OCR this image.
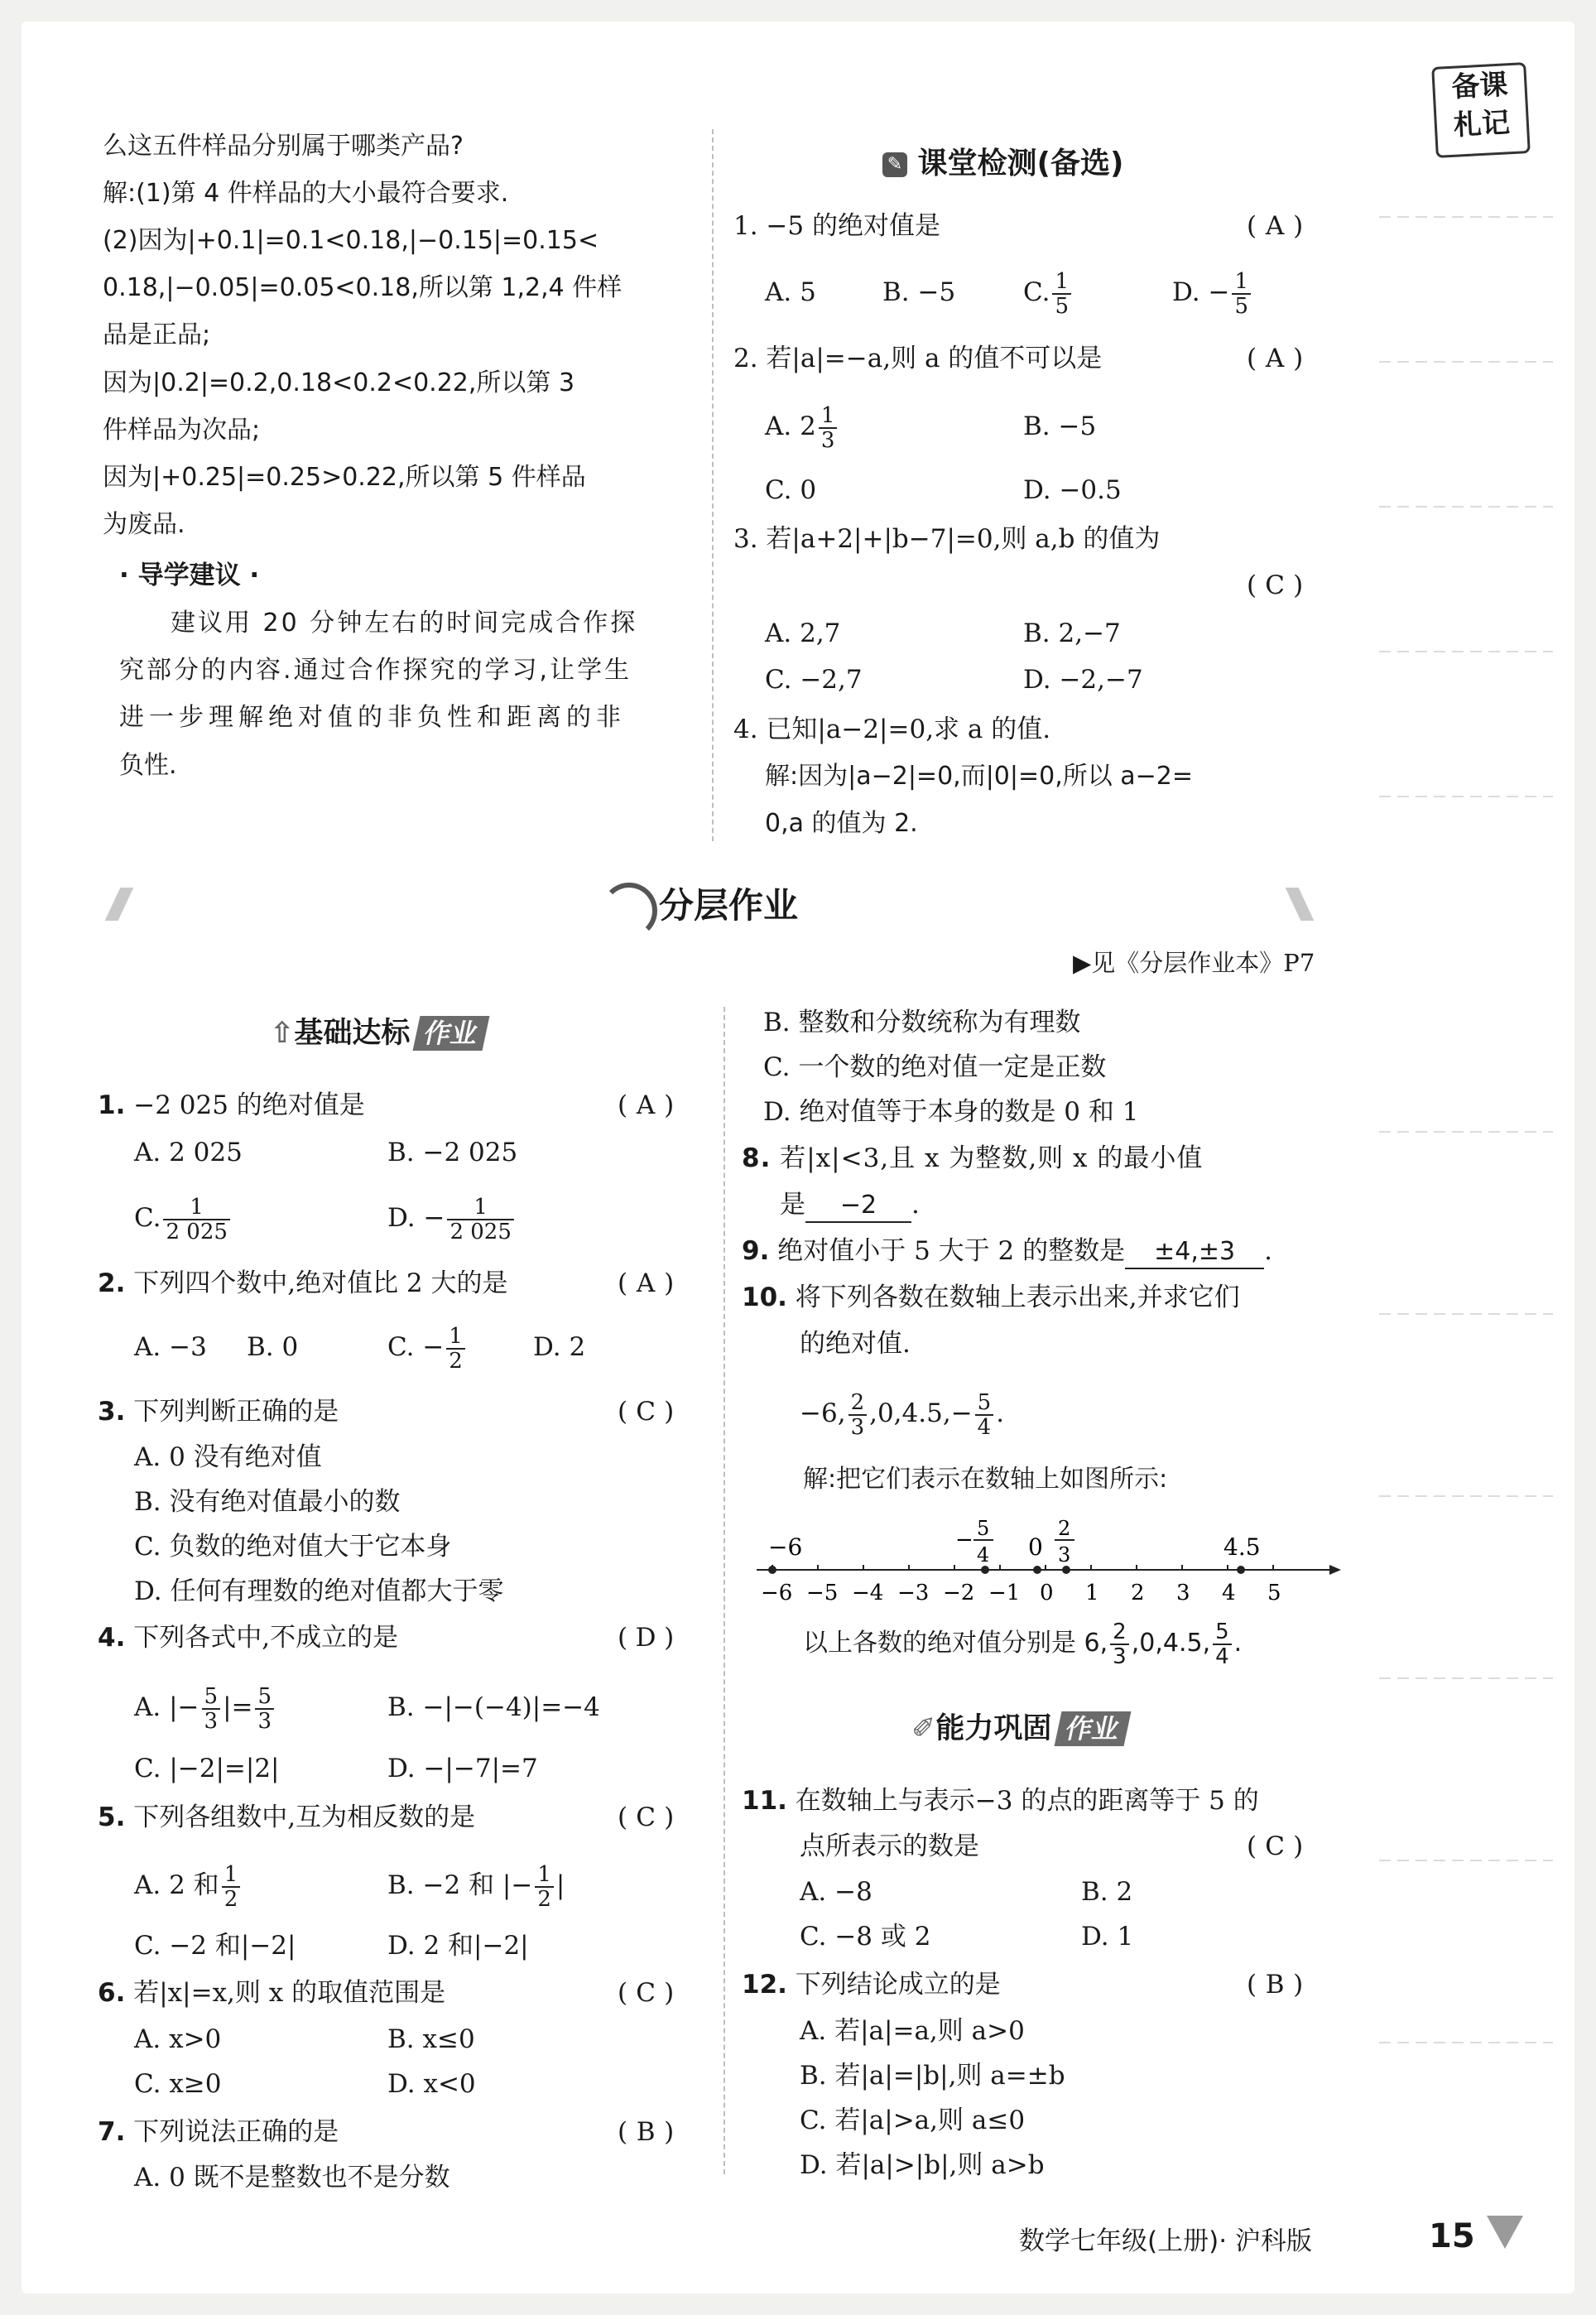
备课
札记
么这五件样品分别属于哪类产品?
解:(1)第 4 件样品的大小最符合要求.
(2)因为|+0.1|=0.1<0.18,|−0.15|=0.15<
0.18,|−0.05|=0.05<0.18,所以第 1,2,4 件样
品是正品;
因为|0.2|=0.2,0.18<0.2<0.22,所以第 3
件样品为次品;
因为|+0.25|=0.25>0.22,所以第 5 件样品
为废品.
· 导学建议 ·
建议用 20 分钟左右的时间完成合作探
究部分的内容.通过合作探究的学习,让学生
进一步理解绝对值的非负性和距离的非
负性.
✎ 课堂检测(备选)
1. −5 的绝对值是	( A )
A. 5	B. −5	C. $\frac{1}{5}$	D. − $\frac{1}{5}$
2. 若|a|=−a,则 a 的值不可以是	( A )
A. $2 \frac{1}{3}$	B. −5
C. 0	D. −0.5
3. 若|a+2|+|b−7|=0,则 a,b 的值为
( C )
A. 2,7	B. 2,−7
C. −2,7	D. −2,−7
4. 已知|a−2|=0,求 a 的值.
解:因为|a−2|=0,而|0|=0,所以 a−2=
0,a 的值为 2.
分层作业
▶见《分层作业本》P7
⇧基础达标 作业
1. −2 025 的绝对值是	( A )
A. 2 025	B. −2 025
C. $\frac{1}{2 025}$	D. − $\frac{1}{2 025}$
2. 下列四个数中,绝对值比 2 大的是	( A )
A. −3 B. 0	C. − $\frac{1}{2}$	D. 2
3. 下列判断正确的是	( C )
A. 0 没有绝对值
B. 没有绝对值最小的数
C. 负数的绝对值大于它本身
D. 任何有理数的绝对值都大于零
4. 下列各式中,不成立的是	( D )
A. |− $\frac{5}{3}$ |= $\frac{5}{3}$	B. −|−(−4)|=−4
C. |−2|=|2|	D. −|−7|=7
5. 下列各组数中,互为相反数的是	( C )
A. 2 和 $\frac{1}{2}$	B. −2 和 |− $\frac{1}{2}$ |
C. −2 和|−2|	D. 2 和|−2|
6. 若|x|=x,则 x 的取值范围是	( C )
A. x>0	B. x≤0
C. x≥0	D. x<0
7. 下列说法正确的是	( B )
A. 0 既不是整数也不是分数
B. 整数和分数统称为有理数
C. 一个数的绝对值一定是正数
D. 绝对值等于本身的数是 0 和 1
8. 若|x|<3,且 x 为整数,则 x 的最小值
是 −2 .
9. 绝对值小于 5 大于 2 的整数是 ±4,±3 .
10. 将下列各数在数轴上表示出来,并求它们
的绝对值.
−6, $\frac{2}{3} ,0,4.5,- \frac{5}{4}$ .
解:把它们表示在数轴上如图所示:
−6 −5 −4 −3 −2 −1 0 1 2 3 4 5
−6	− 5
4 0
2
3	4.5
以上各数的绝对值分别是 6, $\frac{2}{3} ,0,4.5$, $\frac{5}{4}$ .
✐能力巩固 作业
11. 在数轴上与表示−3 的点的距离等于 5 的
点所表示的数是	( C )
A. −8	B. 2
C. −8 或 2	D. 1
12. 下列结论成立的是	( B )
A. 若|a|=a,则 a>0
B. 若|a|=|b|,则 a=±b
C. 若|a|>a,则 a≤0
D. 若|a|>|b|,则 a>b
数学七年级(上册)· 沪科版	15
